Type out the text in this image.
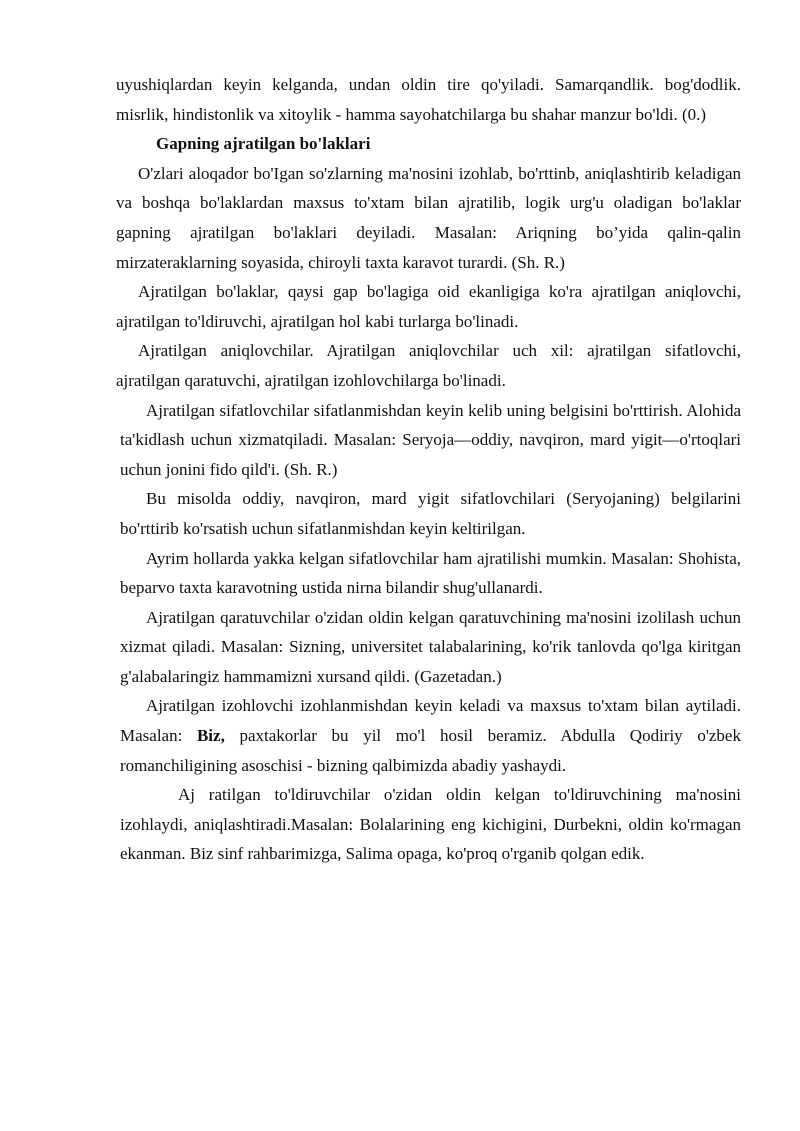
uyushiqlardan keyin kelganda, undan oldin tire qo'yiladi. Samarqandlik. bog'dodlik. misrlik, hindistonlik va xitoylik - hamma sayohatchilarga bu shahar manzur bo'ldi. (0.)

Gapning ajratilgan bo'laklari

O'zlari aloqador bo'Igan so'zlarning ma'nosini izohlab, bo'rttinb, aniqlashtirib keladigan va boshqa bo'laklardan maxsus to'xtam bilan ajratilib, logik urg'u oladigan bo'laklar gapning ajratilgan bo'laklari deyiladi. Masalan: Ariqning bo’yida qalin-qalin mirzateraklarning soyasida, chiroyli taxta karavot turardi. (Sh. R.)

Ajratilgan bo'laklar, qaysi gap bo'lagiga oid ekanligiga ko'ra ajratilgan aniqlovchi, ajratilgan to'ldiruvchi, ajratilgan hol kabi turlarga bo'linadi.

Ajratilgan aniqlovchilar. Ajratilgan aniqlovchilar uch xil: ajratilgan sifatlovchi, ajratilgan qaratuvchi, ajratilgan izohlovchilarga bo'linadi.

Ajratilgan sifatlovchilar sifatlanmishdan keyin kelib uning belgisini bo'rttirish. Alohida ta'kidlash uchun xizmatqiladi. Masalan: Seryoja—oddiy, navqiron, mard yigit—o'rtoqlari uchun jonini fido qild'i. (Sh. R.)

Bu misolda oddiy, navqiron, mard yigit sifatlovchilari (Seryojaning) belgilarini bo'rttirib ko'rsatish uchun sifatlanmishdan keyin keltirilgan.

Ayrim hollarda yakka kelgan sifatlovchilar ham ajratilishi mumkin. Masalan: Shohista, beparvo taxta karavotning ustida nirna bilandir shug'ullanardi.

Ajratilgan qaratuvchilar o'zidan oldin kelgan qaratuvchining ma'nosini izolilash uchun xizmat qiladi. Masalan: Sizning, universitet talabalarining, ko'rik tanlovda qo'lga kiritgan g'alabalaringiz hammamizni xursand qildi. (Gazetadan.)

Ajratilgan izohlovchi izohlanmishdan keyin keladi va maxsus to'xtam bilan aytiladi. Masalan: Biz, paxtakorlar bu yil mo'l hosil beramiz. Abdulla Qodiriy o'zbek romanchiligining asoschisi - bizning qalbimizda abadiy yashaydi.

Aj ratilgan to'ldiruvchilar o'zidan oldin kelgan to'ldiruvchining ma'nosini izohlaydi, aniqlashtiradi.Masalan: Bolalarining eng kichigini, Durbekni, oldin ko'rmagan ekanman. Biz sinf rahbarimizga, Salima opaga, ko'proq o'rganib qolgan edik.
